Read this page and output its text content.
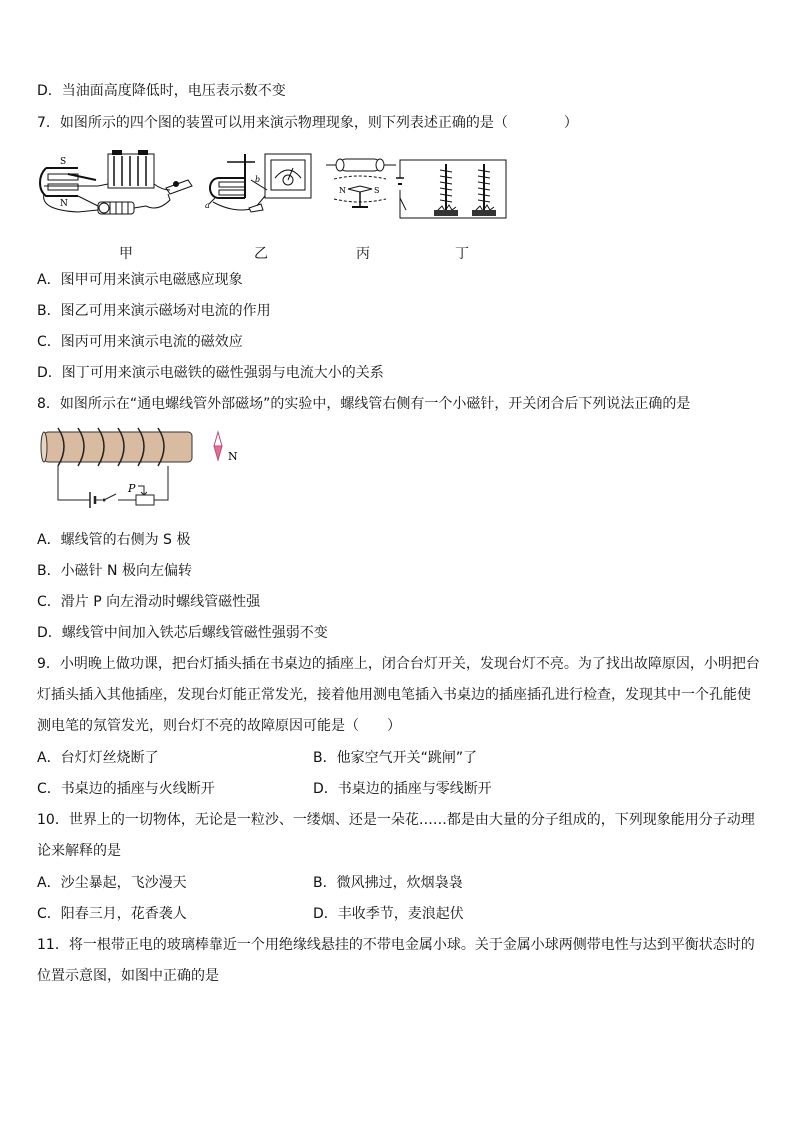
D．当油面高度降低时，电压表示数不变
7．如图所示的四个图的装置可以用来演示物理现象，则下列表述正确的是（　　　　）
S
N
b
a
N	S
甲	乙	丙	丁
A．图甲可用来演示电磁感应现象
B．图乙可用来演示磁场对电流的作用
C．图丙可用来演示电流的磁效应
D．图丁可用来演示电磁铁的磁性强弱与电流大小的关系
8．如图所示在“通电螺线管外部磁场”的实验中，螺线管右侧有一个小磁针，开关闭合后下列说法正确的是
P
N
A．螺线管的右侧为 S 极
B．小磁针 N 极向左偏转
C．滑片 P 向左滑动时螺线管磁性强
D．螺线管中间加入铁芯后螺线管磁性强弱不变
9．小明晚上做功课，把台灯插头插在书桌边的插座上，闭合台灯开关，发现台灯不亮。为了找出故障原因，小明把台
灯插头插入其他插座，发现台灯能正常发光，接着他用测电笔插入书桌边的插座插孔进行检查，发现其中一个孔能使
测电笔的氖管发光，则台灯不亮的故障原因可能是（　　）
A．台灯灯丝烧断了	B．他家空气开关“跳闸”了
C．书桌边的插座与火线断开	D．书桌边的插座与零线断开
10．世界上的一切物体，无论是一粒沙、一缕烟、还是一朵花……都是由大量的分子组成的，下列现象能用分子动理
论来解释的是
A．沙尘暴起，飞沙漫天	B．微风拂过，炊烟袅袅
C．阳春三月，花香袭人	D．丰收季节，麦浪起伏
11．将一根带正电的玻璃棒靠近一个用绝缘线悬挂的不带电金属小球。关于金属小球两侧带电性与达到平衡状态时的
位置示意图，如图中正确的是
